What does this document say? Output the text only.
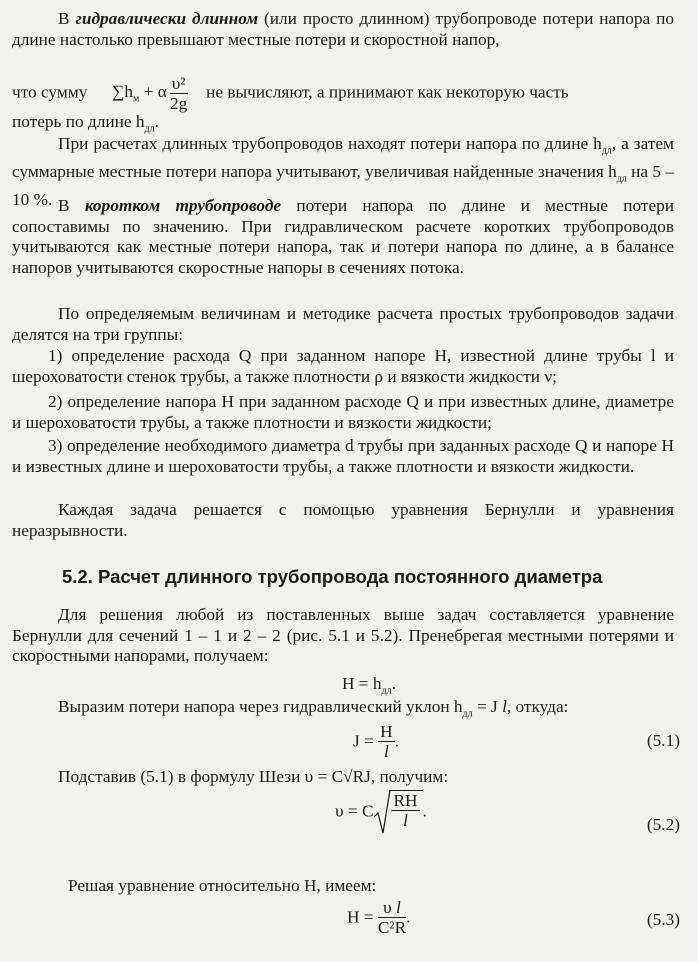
В гидравлически длинном (или просто длинном) трубопроводе потери напора по длине настолько превышают местные потери и скоростной напор,

что сумму $\sum h_м + \alpha \frac{\text{υ²}}{2g}$ не вычисляют, а принимают как некоторую часть
потерь по длине $h_{дл}$.

При расчетах длинных трубопроводов находят потери напора по длине $h_{дл}$, а затем суммарные местные потери напора учитывают, увеличивая найденные значения $h_{дл}$ на 5 – 10 %. В коротком трубопроводе потери напора по длине и местные потери сопоставимы по значению. При гидравлическом расчете коротких трубопроводов учитываются как местные потери напора, так и потери напора по длине, а в балансе напоров учитываются скоростные напоры в сечениях потока.

По определяемым величинам и методике расчета простых трубопроводов задачи делятся на три группы:

1) определение расхода Q при заданном напоре H, известной длине трубы l и шероховатости стенок трубы, а также плотности ρ и вязкости жидкости ν;

2) определение напора H при заданном расходе Q и при известных длине, диаметре и шероховатости трубы, а также плотности и вязкости жидкости;

3) определение необходимого диаметра d трубы при заданных расходе Q и напоре H и известных длине и шероховатости трубы, а также плотности и вязкости жидкости.

Каждая задача решается с помощью уравнения Бернулли и уравнения неразрывности.

5.2. Расчет длинного трубопровода постоянного диаметра

Для решения любой из поставленных выше задач составляется уравнение Бернулли для сечений 1 – 1 и 2 – 2 (рис. 5.1 и 5.2). Пренебрегая местными потерями и скоростными напорами, получаем:

$H = h_{дл}$.
Выразим потери напора через гидравлический уклон $h_{дл} = J$ l, откуда:
$J = \frac{H}{l}$ .	(5.1)
Подставив (5.1) в формулу Шези υ = C√RJ, получим:
υ = C $\frac{RH}{l}$ .
(5.2)
Решая уравнение относительно H, имеем:
$H = \frac{\text{υ l}}{\text{C²R}}$ .	(5.3)
